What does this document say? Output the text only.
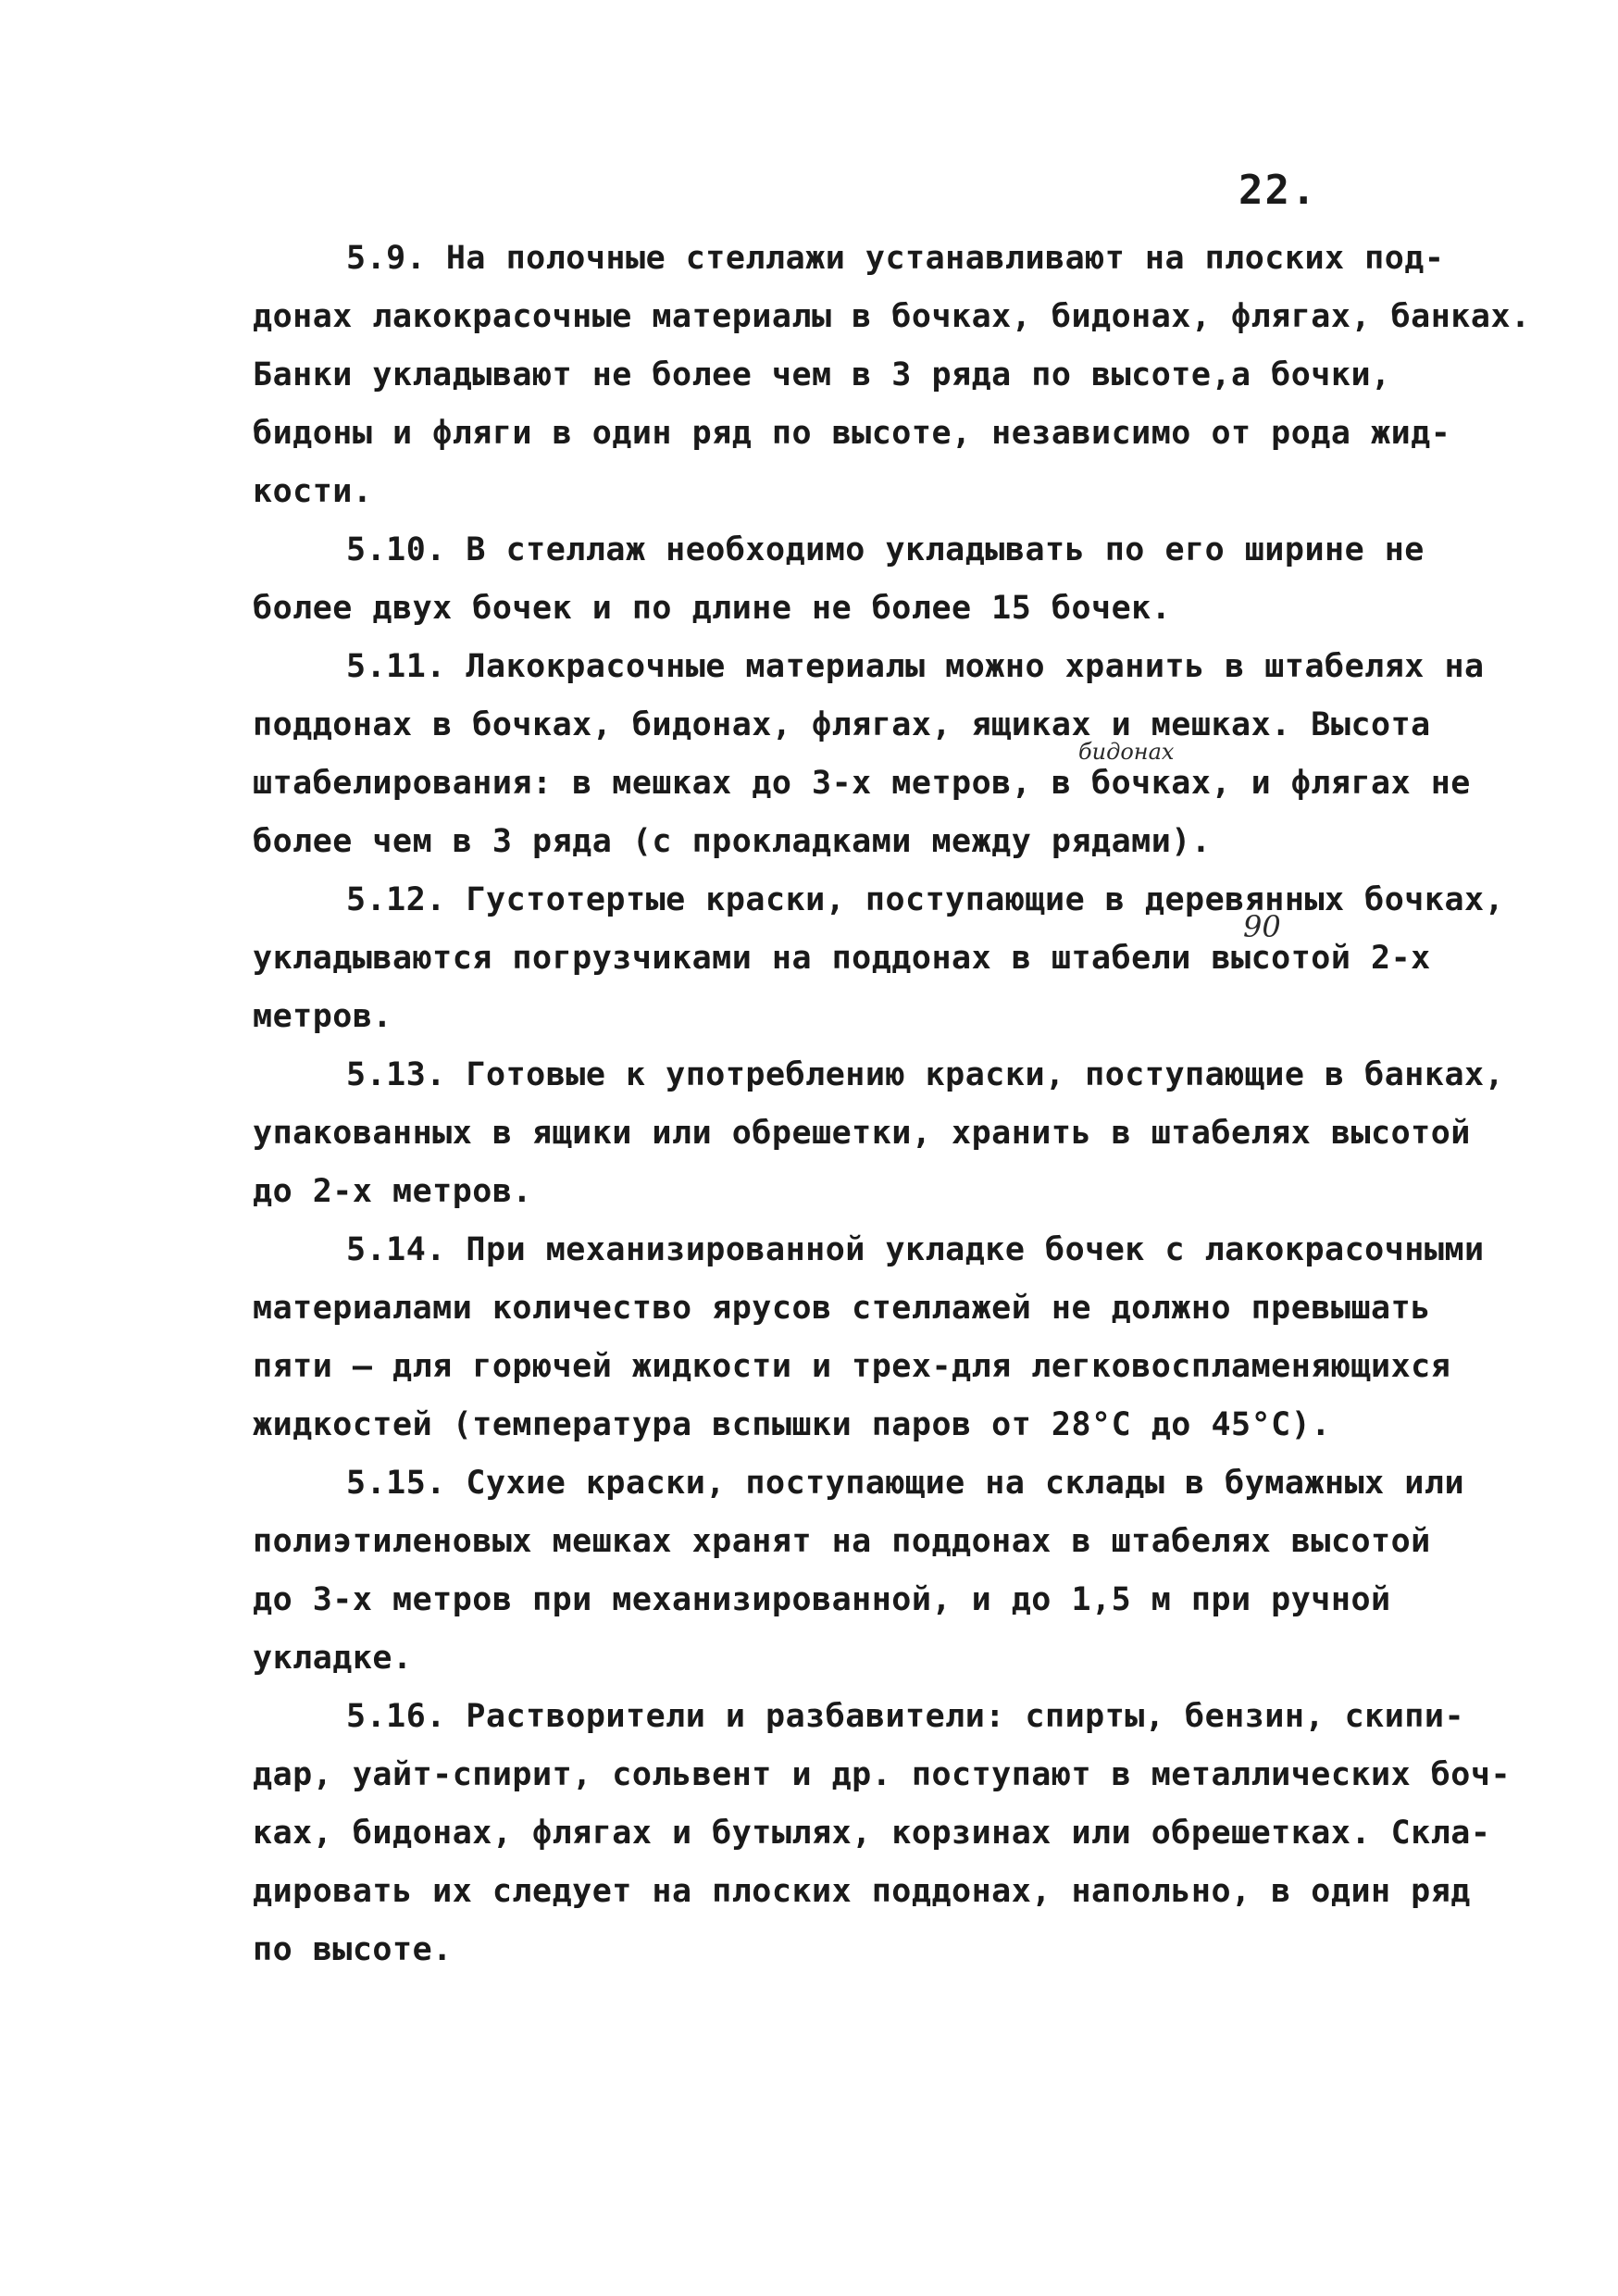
22.
5.9. На полочные стеллажи устанавливают на плоских под-
донах лакокрасочные материалы в бочках, бидонах, флягах, банках.
Банки укладывают не более чем в 3 ряда по высоте,а бочки,
бидоны и фляги в один ряд по высоте, независимо от рода жид-
кости.
5.10. В стеллаж необходимо укладывать по его ширине не
более двух бочек и по длине не более 15 бочек.
5.11. Лакокрасочные материалы можно хранить в штабелях на
поддонах в бочках, бидонах, флягах, ящиках и мешках. Высота
штабелирования: в мешках до 3-х метров, в бочках, и флягах не
более чем в 3 ряда (с прокладками между рядами).
5.12. Густотертые краски, поступающие в деревянных бочках,
укладываются погрузчиками на поддонах в штабели высотой 2-х
метров.
5.13. Готовые к употреблению краски, поступающие в банках,
упакованных в ящики или обрешетки, хранить в штабелях высотой
до 2-х метров.
5.14. При механизированной укладке бочек с лакокрасочными
материалами количество ярусов стеллажей не должно превышать
пяти – для горючей жидкости и трех-для легковоспламеняющихся
жидкостей (температура вспышки паров от 28°C до 45°C).
5.15. Сухие краски, поступающие на склады в бумажных или
полиэтиленовых мешках хранят на поддонах в штабелях высотой
до 3-х метров при механизированной, и до 1,5 м при ручной
укладке.
5.16. Растворители и разбавители: спирты, бензин, скипи-
дар, уайт-спирит, сольвент и др. поступают в металлических боч-
ках, бидонах, флягах и бутылях, корзинах или обрешетках. Скла-
дировать их следует на плоских поддонах, напольно, в один ряд
по высоте.
бидонах
90
